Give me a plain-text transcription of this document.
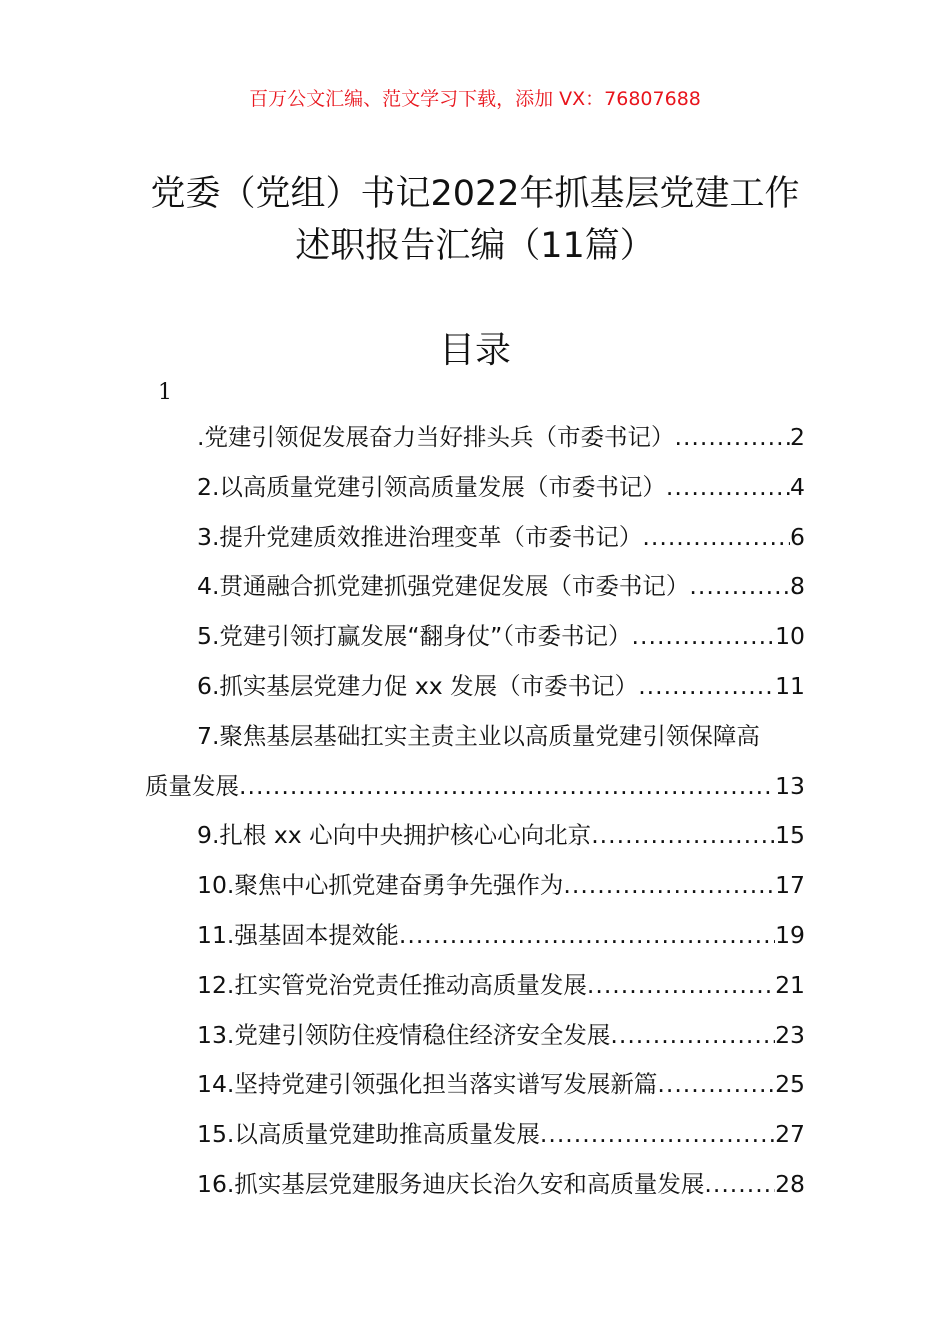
百万公文汇编、范文学习下载，添加 VX：76807688
党委（党组）书记2022年抓基层党建工作
述职报告汇编（11篇）
目录
1
.党建引领促发展奋力当好排头兵（市委书记） .....	2
2.以高质量党建引领高质量发展（市委书记） .....	4
3.提升党建质效推进治理变革（市委书记） .....	6
4.贯通融合抓党建抓强党建促发展（市委书记） .....	8
5.党建引领打赢发展“翻身仗”（市委书记） .....	10
6.抓实基层党建力促 xx 发展（市委书记） .....	11
7.聚焦基层基础扛实主责主业以高质量党建引领保障高
质量发展 .....	13
9.扎根 xx 心向中央拥护核心心向北京 .....	15
10.聚焦中心抓党建奋勇争先强作为 .....	17
11.强基固本提效能 .....	19
12.扛实管党治党责任推动高质量发展 .....	21
13.党建引领防住疫情稳住经济安全发展 .....	23
14.坚持党建引领强化担当落实谱写发展新篇 .....	25
15.以高质量党建助推高质量发展 .....	27
16.抓实基层党建服务迪庆长治久安和高质量发展 .....	28
